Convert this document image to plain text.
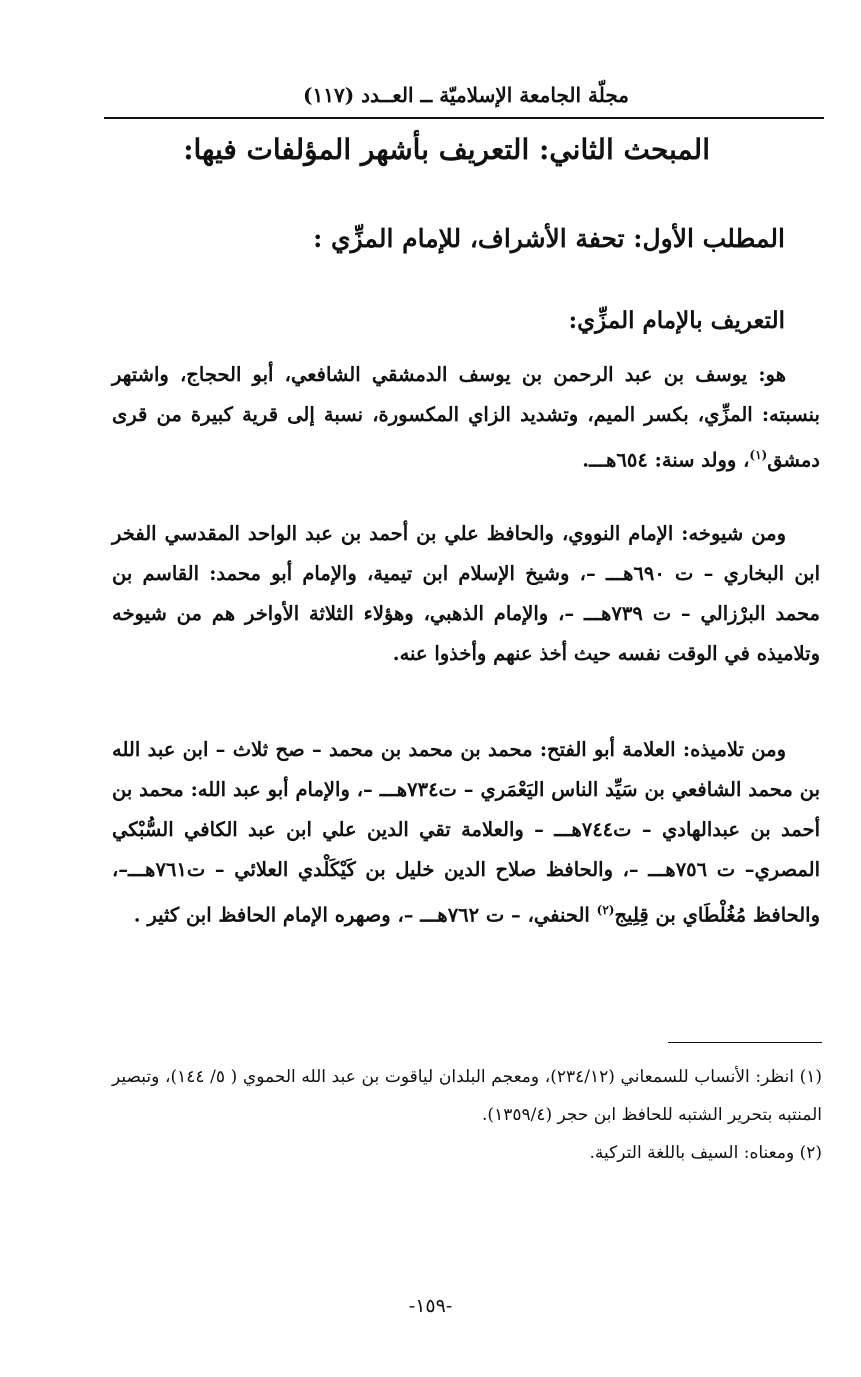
مجلّة الجامعة الإسلاميّة ــ العــدد (١١٧)
المبحث الثاني: التعريف بأشهر المؤلفات فيها:
المطلب الأول: تحفة الأشراف، للإمام المزِّي :
التعريف بالإمام المزِّي:
هو: يوسف بن عبد الرحمن بن يوسف الدمشقي الشافعي، أبو الحجاج، واشتهر بنسبته: المزِّي، بكسر الميم، وتشديد الزاي المكسورة، نسبة إلى قرية كبيرة من قرى دمشق$^{(١)}$، وولد سنة: ٦٥٤هـــ.
ومن شيوخه: الإمام النووي، والحافظ علي بن أحمد بن عبد الواحد المقدسي الفخر ابن البخاري – ت ٦٩٠هـــ –، وشيخ الإسلام ابن تيمية، والإمام أبو محمد: القاسم بن محمد البرْزالي – ت ٧٣٩هـــ –، والإمام الذهبي، وهؤلاء الثلاثة الأواخر هم من شيوخه وتلاميذه في الوقت نفسه حيث أخذ عنهم وأخذوا عنه.
ومن تلاميذه: العلامة أبو الفتح: محمد بن محمد بن محمد – صح ثلاث – ابن عبد الله بن محمد الشافعي بن سَيِّد الناس اليَعْمَري – ت٧٣٤هـــ –، والإمام أبو عبد الله: محمد بن أحمد بن عبدالهادي – ت٧٤٤هـــ – والعلامة تقي الدين علي ابن عبد الكافي السُّبْكي المصري– ت ٧٥٦هـــ –، والحافظ صلاح الدين خليل بن كَيْكَلْدي العلائي – ت٧٦١هـــ–، والحافظ مُغُلْطَاي بن قِلِيج$^{(٢)}$ الحنفي، – ت ٧٦٢هـــ –، وصهره الإمام الحافظ ابن كثير .

(١) انظر: الأنساب للسمعاني (٢٣٤/١٢)، ومعجم البلدان لياقوت بن عبد الله الحموي ( ٥/ ١٤٤)، وتبصير المنتبه بتحرير الشتبه للحافظ ابن حجر (١٣٥٩/٤).

(٢) ومعناه: السيف باللغة التركية.

-١٥٩-
